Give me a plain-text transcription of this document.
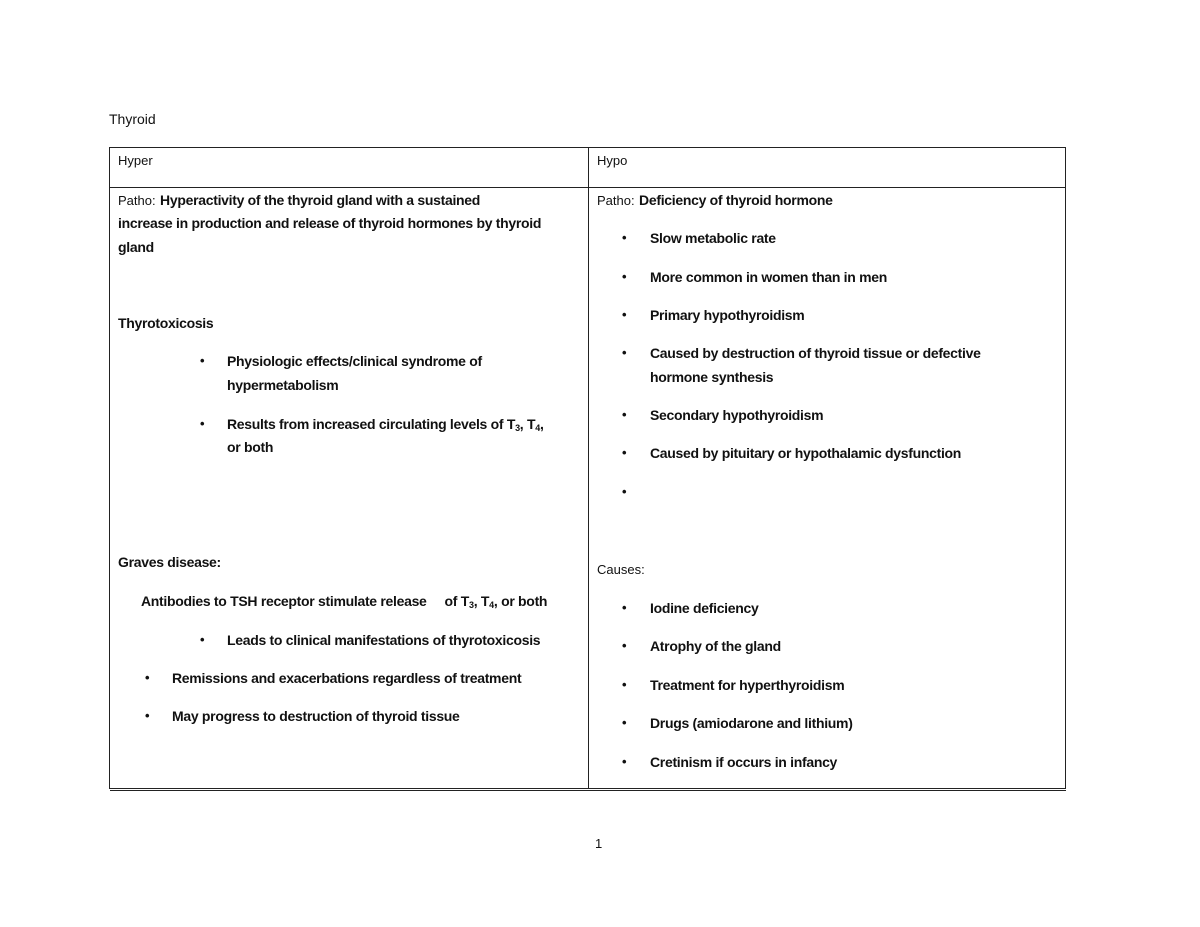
Thyroid
Hyper	Hypo
Patho: Hyperactivity of the thyroid gland with a sustained
increase in production and release of thyroid hormones by thyroid
gland
Thyrotoxicosis
• Physiologic effects/clinical syndrome of
hypermetabolism
• Results from increased circulating levels of $T_3$, $T_4$,
or both
Graves disease:
Antibodies to TSH receptor stimulate release of $T_3$, $T_4$, or both
• Leads to clinical manifestations of thyrotoxicosis
• Remissions and exacerbations regardless of treatment
• May progress to destruction of thyroid tissue
Patho: Deficiency of thyroid hormone
• Slow metabolic rate
• More common in women than in men
• Primary hypothyroidism
• Caused by destruction of thyroid tissue or defective
hormone synthesis
• Secondary hypothyroidism
• Caused by pituitary or hypothalamic dysfunction
•
Causes:
• Iodine deficiency
• Atrophy of the gland
• Treatment for hyperthyroidism
• Drugs (amiodarone and lithium)
• Cretinism if occurs in infancy
1
